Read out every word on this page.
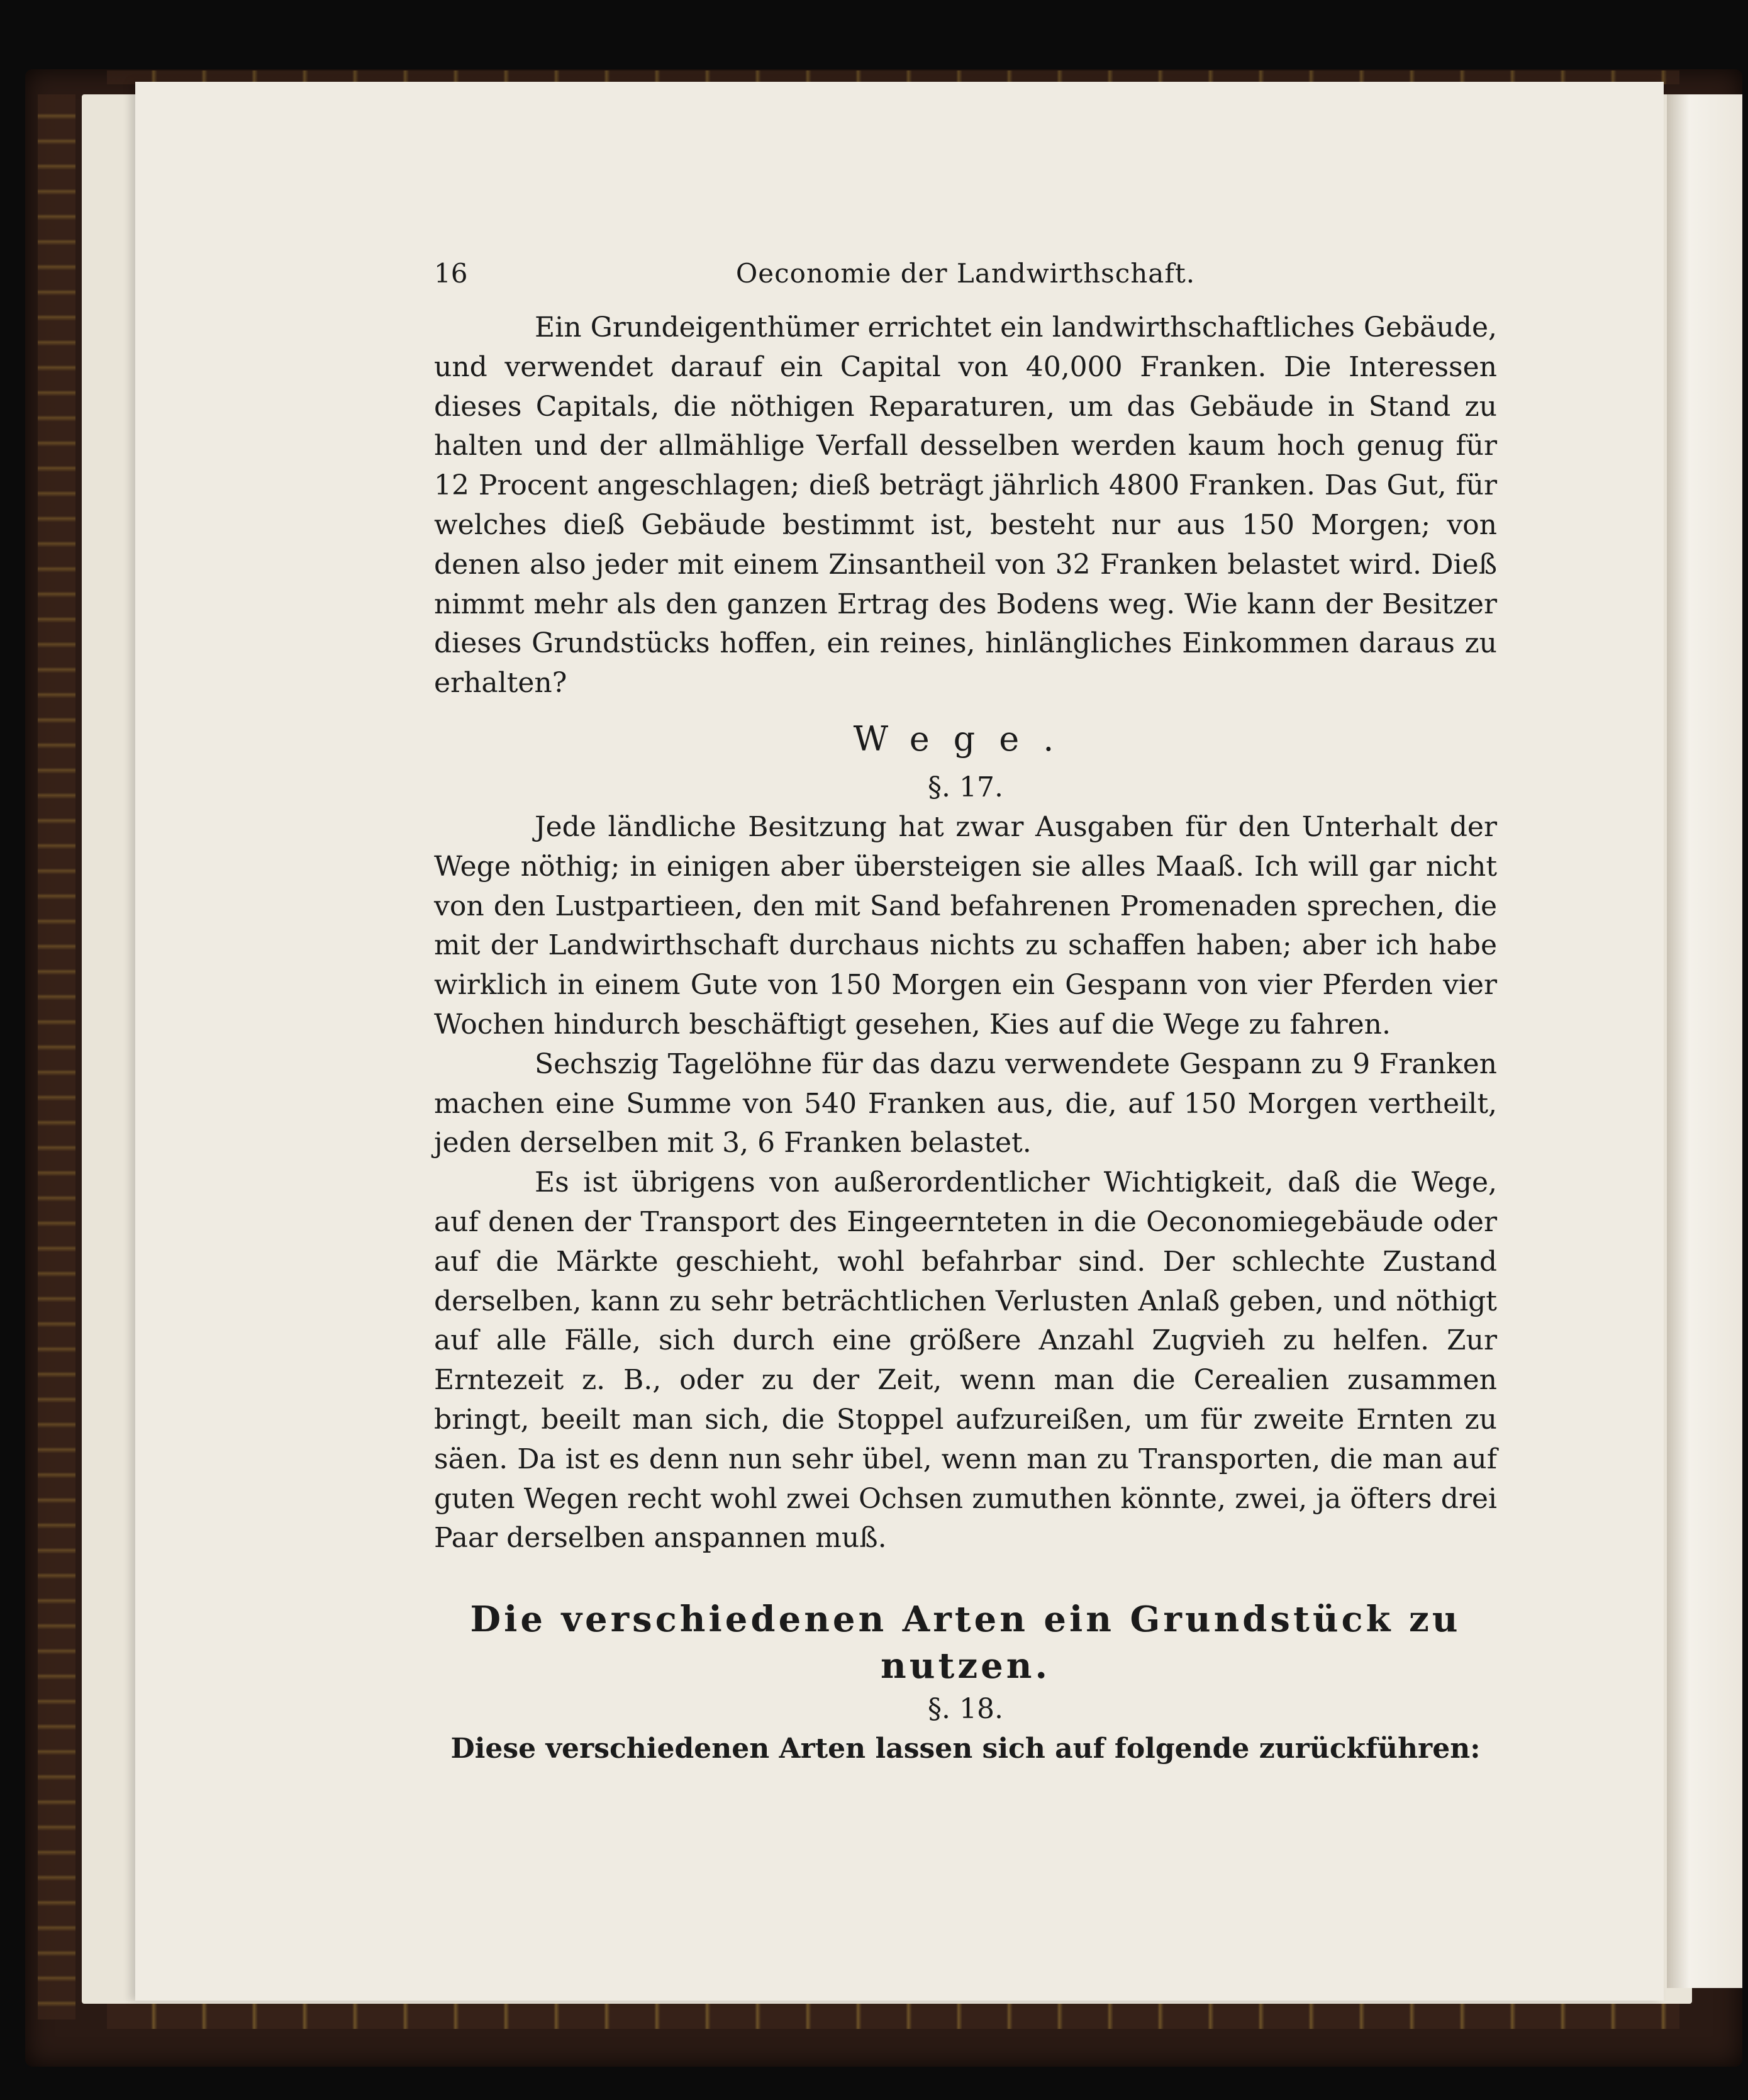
16	Oeconomie der Landwirthschaft.

Ein Grundeigenthümer errichtet ein landwirthschaftliches Gebäude, und verwendet darauf ein Capital von 40,000 Franken. Die Interessen dieses Capitals, die nöthigen Reparaturen, um das Gebäude in Stand zu halten und der allmählige Verfall desselben werden kaum hoch genug für 12 Procent angeschlagen; dieß beträgt jährlich 4800 Franken. Das Gut, für welches dieß Gebäude bestimmt ist, besteht nur aus 150 Morgen; von denen also jeder mit einem Zinsantheil von 32 Franken belastet wird. Dieß nimmt mehr als den ganzen Ertrag des Bodens weg. Wie kann der Besitzer dieses Grundstücks hoffen, ein reines, hinlängliches Einkommen daraus zu erhalten?

Wege.
§. 17.

Jede ländliche Besitzung hat zwar Ausgaben für den Unterhalt der Wege nöthig; in einigen aber übersteigen sie alles Maaß. Ich will gar nicht von den Lustpartieen, den mit Sand befahrenen Promenaden sprechen, die mit der Landwirthschaft durchaus nichts zu schaffen haben; aber ich habe wirklich in einem Gute von 150 Morgen ein Gespann von vier Pferden vier Wochen hindurch beschäftigt gesehen, Kies auf die Wege zu fahren.

Sechszig Tagelöhne für das dazu verwendete Gespann zu 9 Franken machen eine Summe von 540 Franken aus, die, auf 150 Morgen vertheilt, jeden derselben mit 3, 6 Franken belastet.

Es ist übrigens von außerordentlicher Wichtigkeit, daß die Wege, auf denen der Transport des Eingeernteten in die Oeconomiegebäude oder auf die Märkte geschieht, wohl befahrbar sind. Der schlechte Zustand derselben, kann zu sehr beträchtlichen Verlusten Anlaß geben, und nöthigt auf alle Fälle, sich durch eine größere Anzahl Zugvieh zu helfen. Zur Erntezeit z. B., oder zu der Zeit, wenn man die Cerealien zusammen bringt, beeilt man sich, die Stoppel aufzureißen, um für zweite Ernten zu säen. Da ist es denn nun sehr übel, wenn man zu Transporten, die man auf guten Wegen recht wohl zwei Ochsen zumuthen könnte, zwei, ja öfters drei Paar derselben anspannen muß.

Die verschiedenen Arten ein Grundstück zu nutzen.
§. 18.
Diese verschiedenen Arten lassen sich auf folgende zurückführen:
